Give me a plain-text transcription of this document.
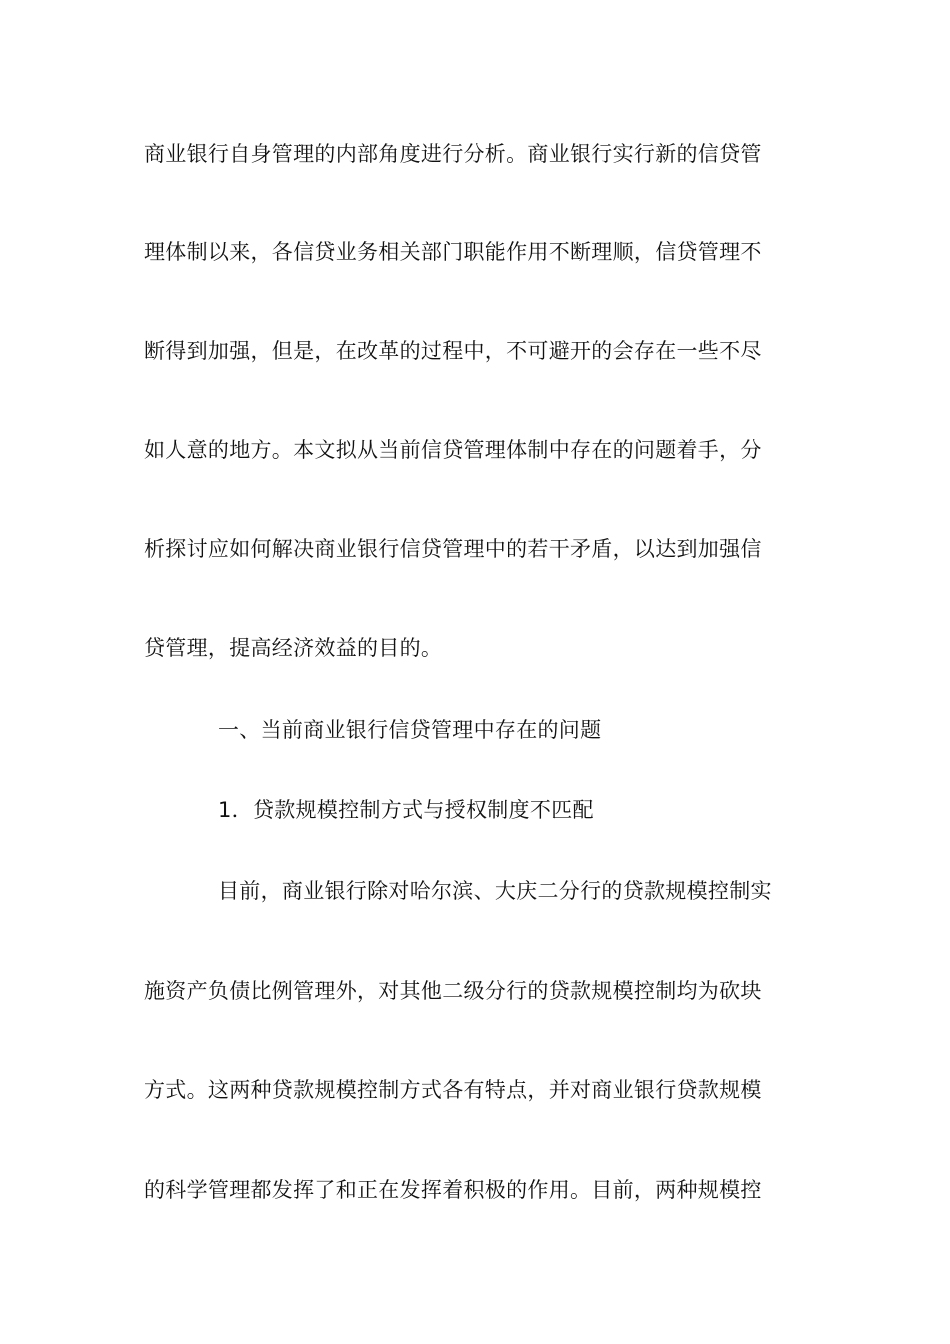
商业银行自身管理的内部角度进行分析。商业银行实行新的信贷管
理体制以来，各信贷业务相关部门职能作用不断理顺，信贷管理不
断得到加强，但是，在改革的过程中，不可避开的会存在一些不尽
如人意的地方。本文拟从当前信贷管理体制中存在的问题着手，分
析探讨应如何解决商业银行信贷管理中的若干矛盾，以达到加强信
贷管理，提高经济效益的目的。
一、当前商业银行信贷管理中存在的问题
1．贷款规模控制方式与授权制度不匹配
目前，商业银行除对哈尔滨、大庆二分行的贷款规模控制实
施资产负债比例管理外，对其他二级分行的贷款规模控制均为砍块
方式。这两种贷款规模控制方式各有特点，并对商业银行贷款规模
的科学管理都发挥了和正在发挥着积极的作用。目前，两种规模控
